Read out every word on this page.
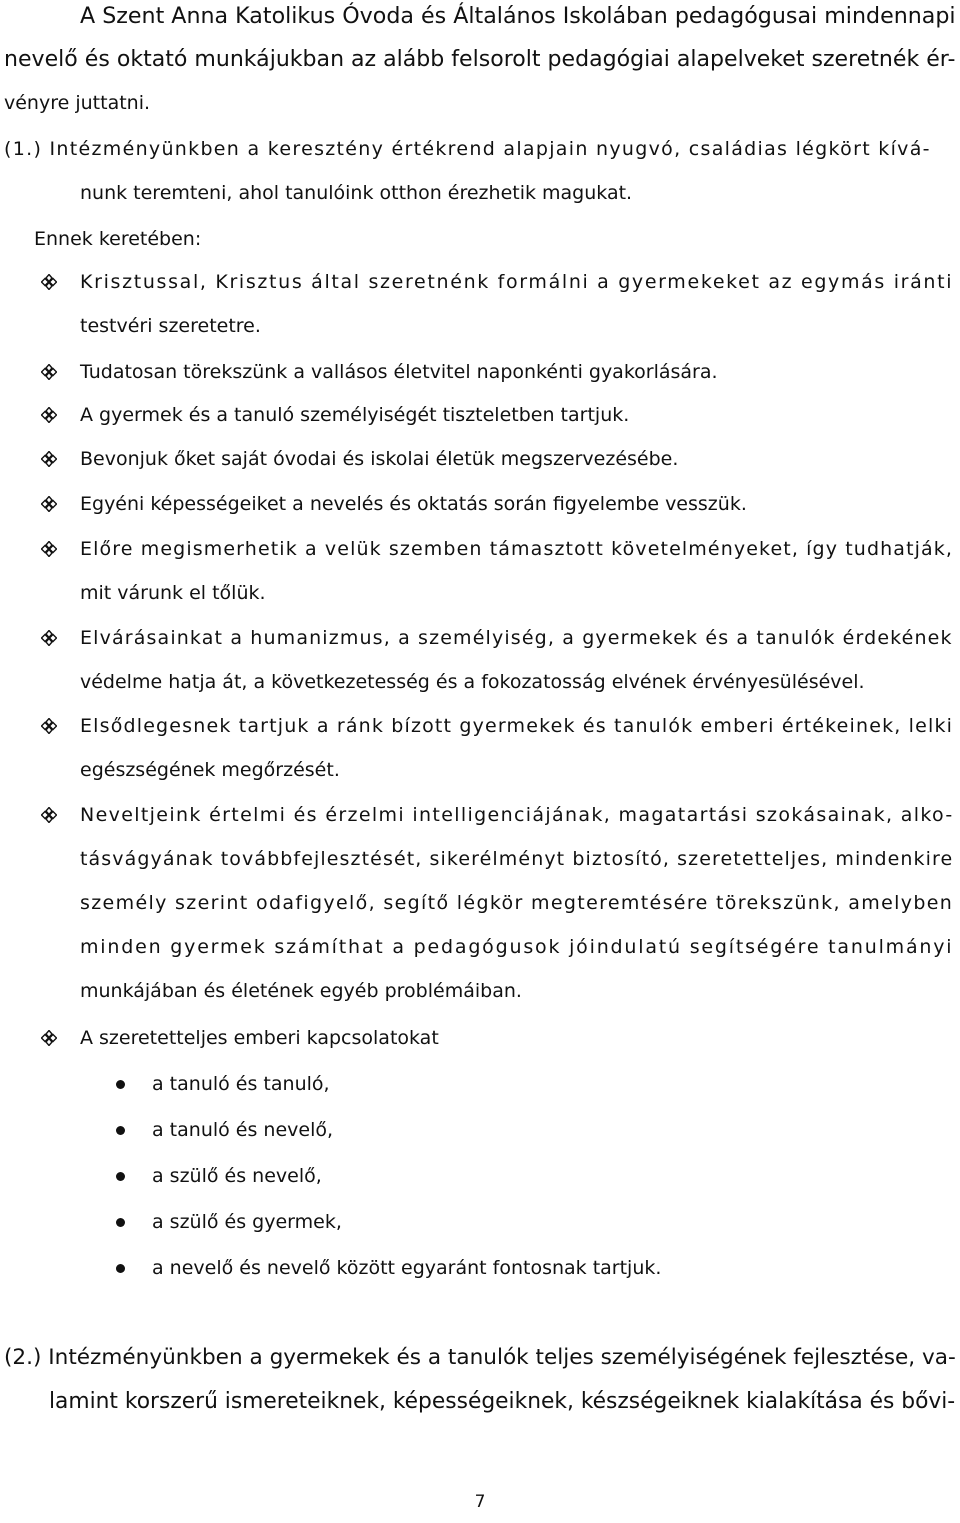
A Szent Anna Katolikus Óvoda és Általános Iskolában pedagógusai mindennapi
nevelő és oktató munkájukban az alább felsorolt pedagógiai alapelveket szeretnék ér-
vényre juttatni.
(1.) Intézményünkben a keresztény értékrend alapjain nyugvó, családias légkört kívá-
nunk teremteni, ahol tanulóink otthon érezhetik magukat.
Ennek keretében:
Krisztussal, Krisztus által szeretnénk formálni a gyermekeket az egymás iránti
testvéri szeretetre.
Tudatosan törekszünk a vallásos életvitel naponkénti gyakorlására.
A gyermek és a tanuló személyiségét tiszteletben tartjuk.
Bevonjuk őket saját óvodai és iskolai életük megszervezésébe.
Egyéni képességeiket a nevelés és oktatás során figyelembe vesszük.
Előre megismerhetik a velük szemben támasztott követelményeket, így tudhatják,
mit várunk el tőlük.
Elvárásainkat a humanizmus, a személyiség, a gyermekek és a tanulók érdekének
védelme hatja át, a következetesség és a fokozatosság elvének érvényesülésével.
Elsődlegesnek tartjuk a ránk bízott gyermekek és tanulók emberi értékeinek, lelki
egészségének megőrzését.
Neveltjeink értelmi és érzelmi intelligenciájának, magatartási szokásainak, alko-
tásvágyának továbbfejlesztését, sikerélményt biztosító, szeretetteljes, mindenkire
személy szerint odafigyelő, segítő légkör megteremtésére törekszünk, amelyben
minden gyermek számíthat a pedagógusok jóindulatú segítségére tanulmányi
munkájában és életének egyéb problémáiban.
A szeretetteljes emberi kapcsolatokat
a tanuló és tanuló,
a tanuló és nevelő,
a szülő és nevelő,
a szülő és gyermek,
a nevelő és nevelő között egyaránt fontosnak tartjuk.
(2.) Intézményünkben a gyermekek és a tanulók teljes személyiségének fejlesztése, va-
lamint korszerű ismereteiknek, képességeiknek, készségeiknek kialakítása és bővi-
7
